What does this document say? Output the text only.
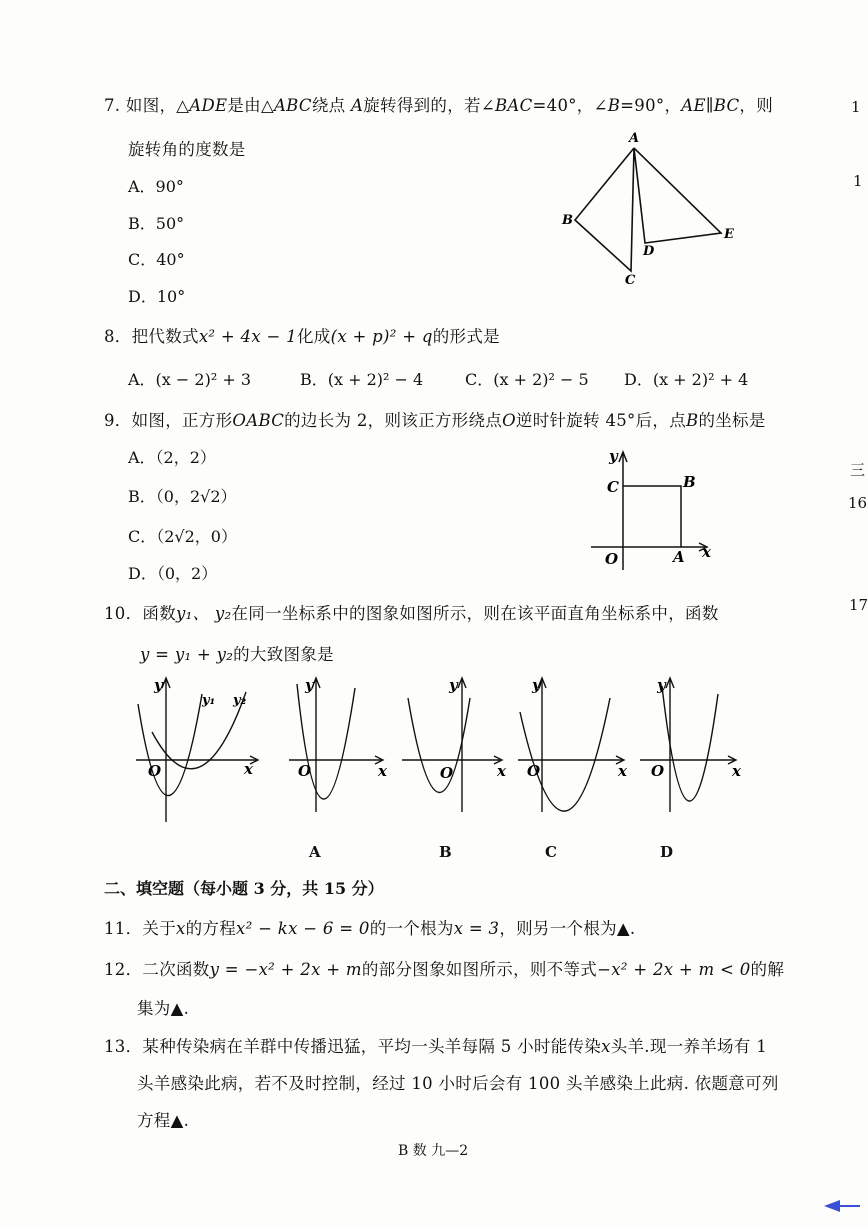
1
1
三
16
17
7. 如图，△ADE是由△ABC绕点 A旋转得到的，若∠BAC=40°，∠B=90°，AE∥BC，则
旋转角的度数是
A．90°
B．50°
C．40°
D．10°
A
B
C
D
E
8．把代数式x² + 4x − 1化成(x + p)² + q的形式是
A．(x − 2)² + 3	B．(x + 2)² − 4	C．(x + 2)² − 5 D．(x + 2)² + 4
9．如图，正方形OABC的边长为 2，则该正方形绕点O逆时针旋转 45°后，点B的坐标是
A．（2，2）
B．（0，2√2）
C．（2√2，0）
D．（0，2）
y
C	B
O	A x
10．函数y₁、 y₂在同一坐标系中的图象如图所示，则在该平面直角坐标系中，函数
y = y₁ + y₂的大致图象是
y
y₁ y₂
O	x
y
O	x
y
O	x
y
O	x
y
O	x
A	B	C	D
二、填空题（每小题 3 分，共 15 分）
11．关于x的方程x² − kx − 6 = 0的一个根为x = 3，则另一个根为▲.
12．二次函数y = −x² + 2x + m的部分图象如图所示，则不等式−x² + 2x + m < 0的解
集为▲.
13．某种传染病在羊群中传播迅猛，平均一头羊每隔 5 小时能传染x头羊.现一养羊场有 1
头羊感染此病，若不及时控制，经过 10 小时后会有 100 头羊感染上此病. 依题意可列
方程▲.
B 数 九—2
